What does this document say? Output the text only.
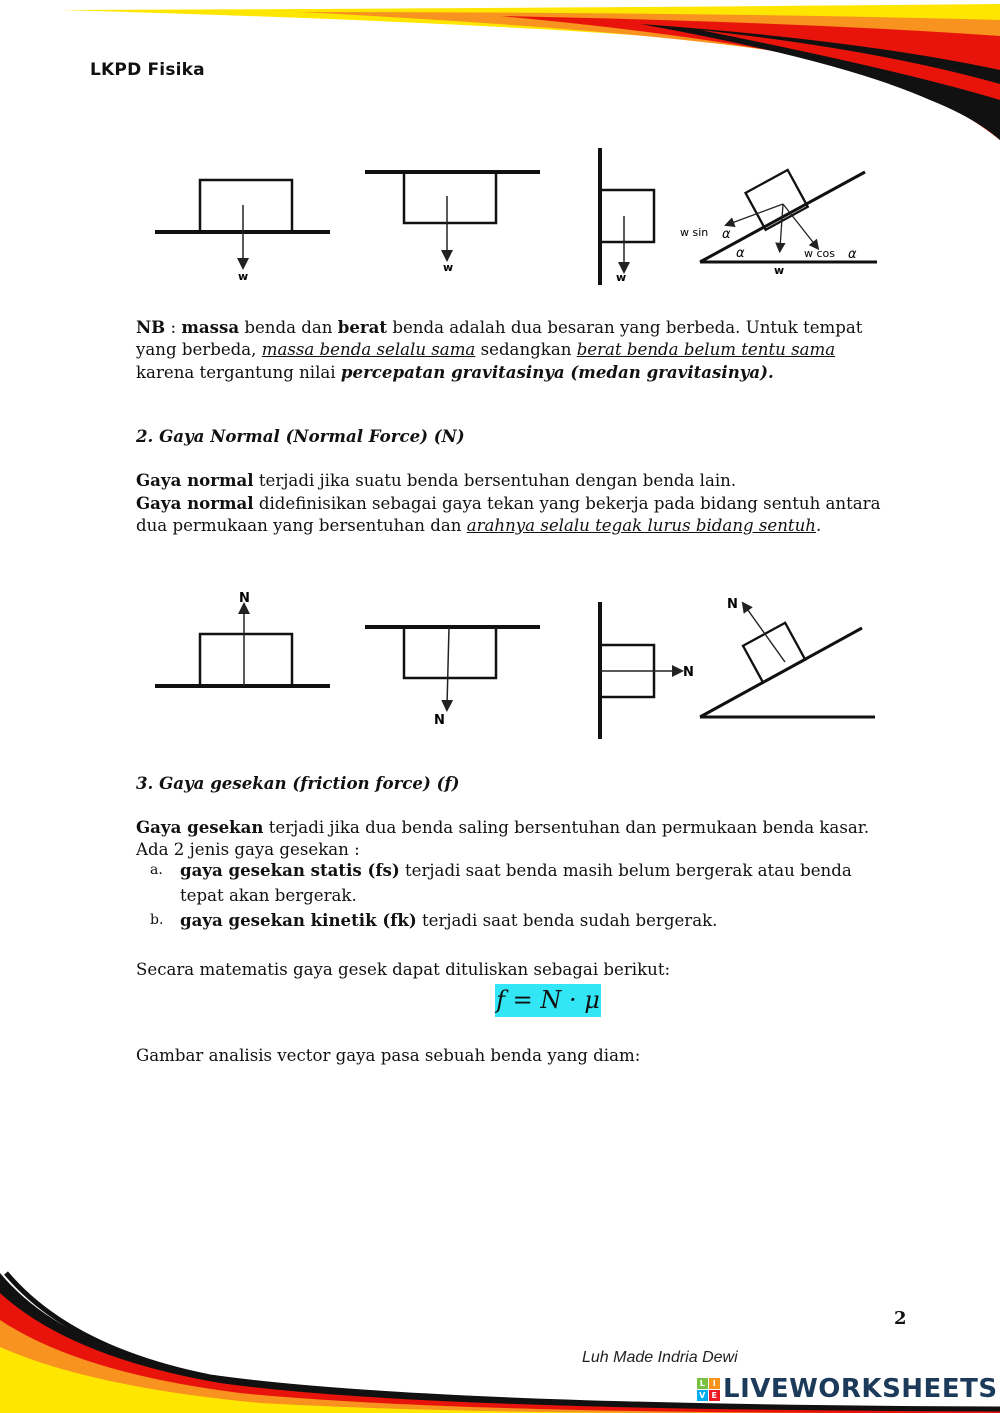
LKPD Fisika
w
w
w
w sin α
α	w cos α
w
NB : massa benda dan berat benda adalah dua besaran yang berbeda. Untuk tempat yang berbeda, massa benda selalu sama sedangkan berat benda belum tentu sama karena tergantung nilai percepatan gravitasinya (medan gravitasinya).
2. Gaya Normal (Normal Force) (N)
Gaya normal terjadi jika suatu benda bersentuhan dengan benda lain.
Gaya normal didefinisikan sebagai gaya tekan yang bekerja pada bidang sentuh antara dua permukaan yang bersentuhan dan arahnya selalu tegak lurus bidang sentuh.
N
N
N
N
3. Gaya gesekan (friction force) (f)
Gaya gesekan terjadi jika dua benda saling bersentuhan dan permukaan benda kasar. Ada 2 jenis gaya gesekan :
a.	gaya gesekan statis (fs) terjadi saat benda masih belum bergerak atau benda tepat akan bergerak.
b. gaya gesekan kinetik (fk) terjadi saat benda sudah bergerak.
Secara matematis gaya gesek dapat dituliskan sebagai berikut:
f = N · μ
Gambar analisis vector gaya pasa sebuah benda yang diam:
2
Luh Made Indria Dewi
L I
V E LIVEWORKSHEETS
